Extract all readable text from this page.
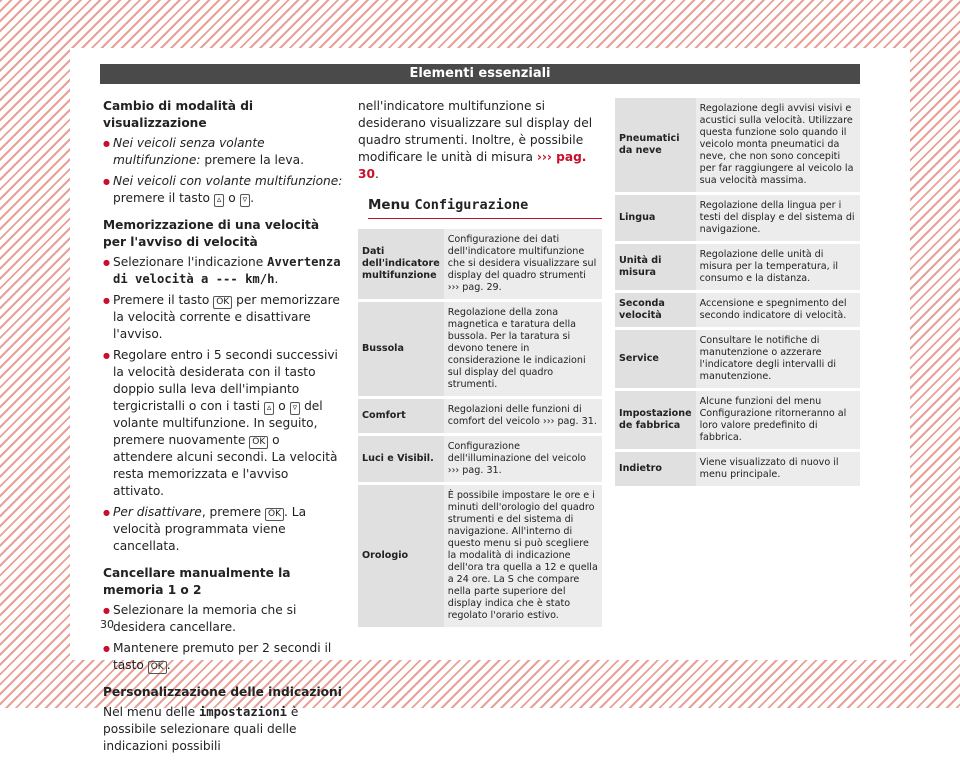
Elementi essenziali

Cambio di modalità di visualizzazione

● Nei veicoli senza volante multifunzione: premere la leva.

● Nei veicoli con volante multifunzione: premere il tasto ▵ o ▿ .

Memorizzazione di una velocità per l'avviso di velocità

● Selezionare l'indicazione Avvertenza di velocità a --- km/h.

● Premere il tasto OK per memorizzare la velocità corrente e disattivare l'avviso.

● Regolare entro i 5 secondi successivi la velocità desiderata con il tasto doppio sulla leva dell'impianto tergicristalli o con i tasti ▵ o ▿ del volante multifunzione. In seguito, premere nuovamente OK o attendere alcuni secondi. La velocità resta memorizzata e l'avviso attivato.

● Per disattivare, premere OK . La velocità programmata viene cancellata.

Cancellare manualmente la memoria 1 o 2

● Selezionare la memoria che si desidera cancellare.

● Mantenere premuto per 2 secondi il tasto OK .

Personalizzazione delle indicazioni

Nel menu delle impostazioni è possibile selezionare quali delle indicazioni possibili

nell'indicatore multifunzione si desiderano visualizzare sul display del quadro strumenti. Inoltre, è possibile modificare le unità di misura ››› pag. 30.

Menu Configurazione
Dati dell'indicatore multifunzione	Configurazione dei dati dell'indicatore multifunzione che si desidera visualizzare sul display del quadro strumenti ››› pag. 29.
Bussola	Regolazione della zona magnetica e taratura della bussola. Per la taratura si devono tenere in considerazione le indicazioni sul display del quadro strumenti.
Comfort	Regolazioni delle funzioni di comfort del veicolo ››› pag. 31.
Luci e Visibil.	Configurazione dell'illuminazione del veicolo ››› pag. 31.
Orologio	È possibile impostare le ore e i minuti dell'orologio del quadro strumenti e del sistema di navigazione. All'interno di questo menu si può scegliere la modalità di indicazione dell'ora tra quella a 12 e quella a 24 ore. La S che compare nella parte superiore del display indica che è stato regolato l'orario estivo.
Pneumatici da neve	Regolazione degli avvisi visivi e acustici sulla velocità. Utilizzare questa funzione solo quando il veicolo monta pneumatici da neve, che non sono concepiti per far raggiungere al veicolo la sua velocità massima.
Lingua	Regolazione della lingua per i testi del display e del sistema di navigazione.
Unità di misura	Regolazione delle unità di misura per la temperatura, il consumo e la distanza.
Seconda velocità	Accensione e spegnimento del secondo indicatore di velocità.
Service	Consultare le notifiche di manutenzione o azzerare l'indicatore degli intervalli di manutenzione.
Impostazione de fabbrica	Alcune funzioni del menu Configurazione ritorneranno al loro valore predefinito di fabbrica.
Indietro	Viene visualizzato di nuovo il menu principale.
30
